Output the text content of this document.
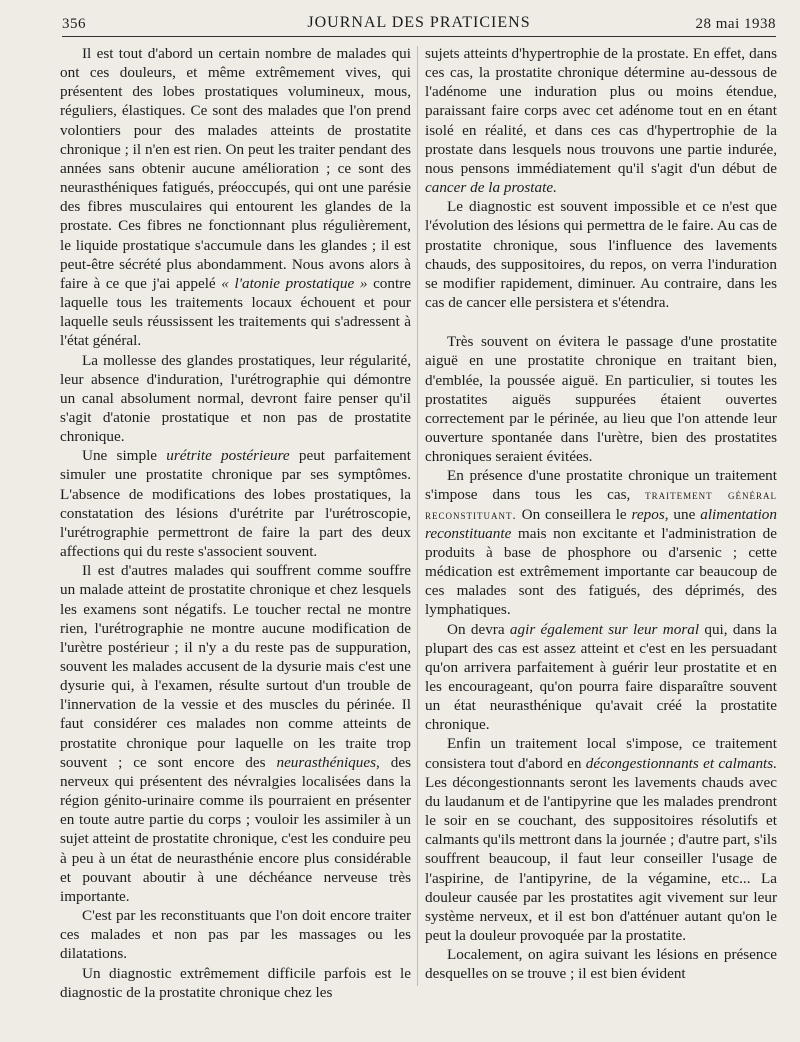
356	JOURNAL DES PRATICIENS	28 mai 1938

Il est tout d'abord un certain nombre de malades qui ont ces douleurs, et même extrêmement vives, qui présentent des lobes prostatiques volumineux, mous, réguliers, élastiques. Ce sont des malades que l'on prend volontiers pour des malades atteints de prostatite chronique ; il n'en est rien. On peut les traiter pendant des années sans obtenir aucune amélioration ; ce sont des neurasthéniques fatigués, préoccupés, qui ont une parésie des fibres musculaires qui entourent les glandes de la prostate. Ces fibres ne fonctionnant plus régulièrement, le liquide prostatique s'accumule dans les glandes ; il est peut-être sécrété plus abondamment. Nous avons alors à faire à ce que j'ai appelé « l'atonie prostatique » contre laquelle tous les traitements locaux échouent et pour laquelle seuls réussissent les traitements qui s'adressent à l'état général.

La mollesse des glandes prostatiques, leur régularité, leur absence d'induration, l'urétrographie qui démontre un canal absolument normal, devront faire penser qu'il s'agit d'atonie prostatique et non pas de prostatite chronique.

Une simple urétrite postérieure peut parfaitement simuler une prostatite chronique par ses symptômes. L'absence de modifications des lobes prostatiques, la constatation des lésions d'urétrite par l'urétroscopie, l'urétrographie permettront de faire la part des deux affections qui du reste s'associent souvent.

Il est d'autres malades qui souffrent comme souffre un malade atteint de prostatite chronique et chez lesquels les examens sont négatifs. Le toucher rectal ne montre rien, l'urétrographie ne montre aucune modification de l'urètre postérieur ; il n'y a du reste pas de suppuration, souvent les malades accusent de la dysurie mais c'est une dysurie qui, à l'examen, résulte surtout d'un trouble de l'innervation de la vessie et des muscles du périnée. Il faut considérer ces malades non comme atteints de prostatite chronique pour laquelle on les traite trop souvent ; ce sont encore des neurasthéniques, des nerveux qui présentent des névralgies localisées dans la région génito-urinaire comme ils pourraient en présenter en toute autre partie du corps ; vouloir les assimiler à un sujet atteint de prostatite chronique, c'est les conduire peu à peu à un état de neurasthénie encore plus considérable et pouvant aboutir à une déchéance nerveuse très importante.

C'est par les reconstituants que l'on doit encore traiter ces malades et non pas par les massages ou les dilatations.

Un diagnostic extrêmement difficile parfois est le diagnostic de la prostatite chronique chez les

sujets atteints d'hypertrophie de la prostate. En effet, dans ces cas, la prostatite chronique détermine au-dessous de l'adénome une induration plus ou moins étendue, paraissant faire corps avec cet adénome tout en en étant isolé en réalité, et dans ces cas d'hypertrophie de la prostate dans lesquels nous trouvons une partie indurée, nous pensons immédiatement qu'il s'agit d'un début de cancer de la prostate.

Le diagnostic est souvent impossible et ce n'est que l'évolution des lésions qui permettra de le faire. Au cas de prostatite chronique, sous l'influence des lavements chauds, des suppositoires, du repos, on verra l'induration se modifier rapidement, diminuer. Au contraire, dans les cas de cancer elle persistera et s'étendra.

Très souvent on évitera le passage d'une prostatite aiguë en une prostatite chronique en traitant bien, d'emblée, la poussée aiguë. En particulier, si toutes les prostatites aiguës suppurées étaient ouvertes correctement par le périnée, au lieu que l'on attende leur ouverture spontanée dans l'urètre, bien des prostatites chroniques seraient évitées.

En présence d'une prostatite chronique un traitement s'impose dans tous les cas, traitement général reconstituant. On conseillera le repos, une alimentation reconstituante mais non excitante et l'administration de produits à base de phosphore ou d'arsenic ; cette médication est extrêmement importante car beaucoup de ces malades sont des fatigués, des déprimés, des lymphatiques.

On devra agir également sur leur moral qui, dans la plupart des cas est assez atteint et c'est en les persuadant qu'on arrivera parfaitement à guérir leur prostatite et en les encourageant, qu'on pourra faire disparaître souvent un état neurasthénique qu'avait créé la prostatite chronique.

Enfin un traitement local s'impose, ce traitement consistera tout d'abord en décongestionnants et calmants. Les décongestionnants seront les lavements chauds avec du laudanum et de l'antipyrine que les malades prendront le soir en se couchant, des suppositoires résolutifs et calmants qu'ils mettront dans la journée ; d'autre part, s'ils souffrent beaucoup, il faut leur conseiller l'usage de l'aspirine, de l'antipyrine, de la végamine, etc... La douleur causée par les prostatites agit vivement sur leur système nerveux, et il est bon d'atténuer autant qu'on le peut la douleur provoquée par la prostatite.

Localement, on agira suivant les lésions en présence desquelles on se trouve ; il est bien évident
